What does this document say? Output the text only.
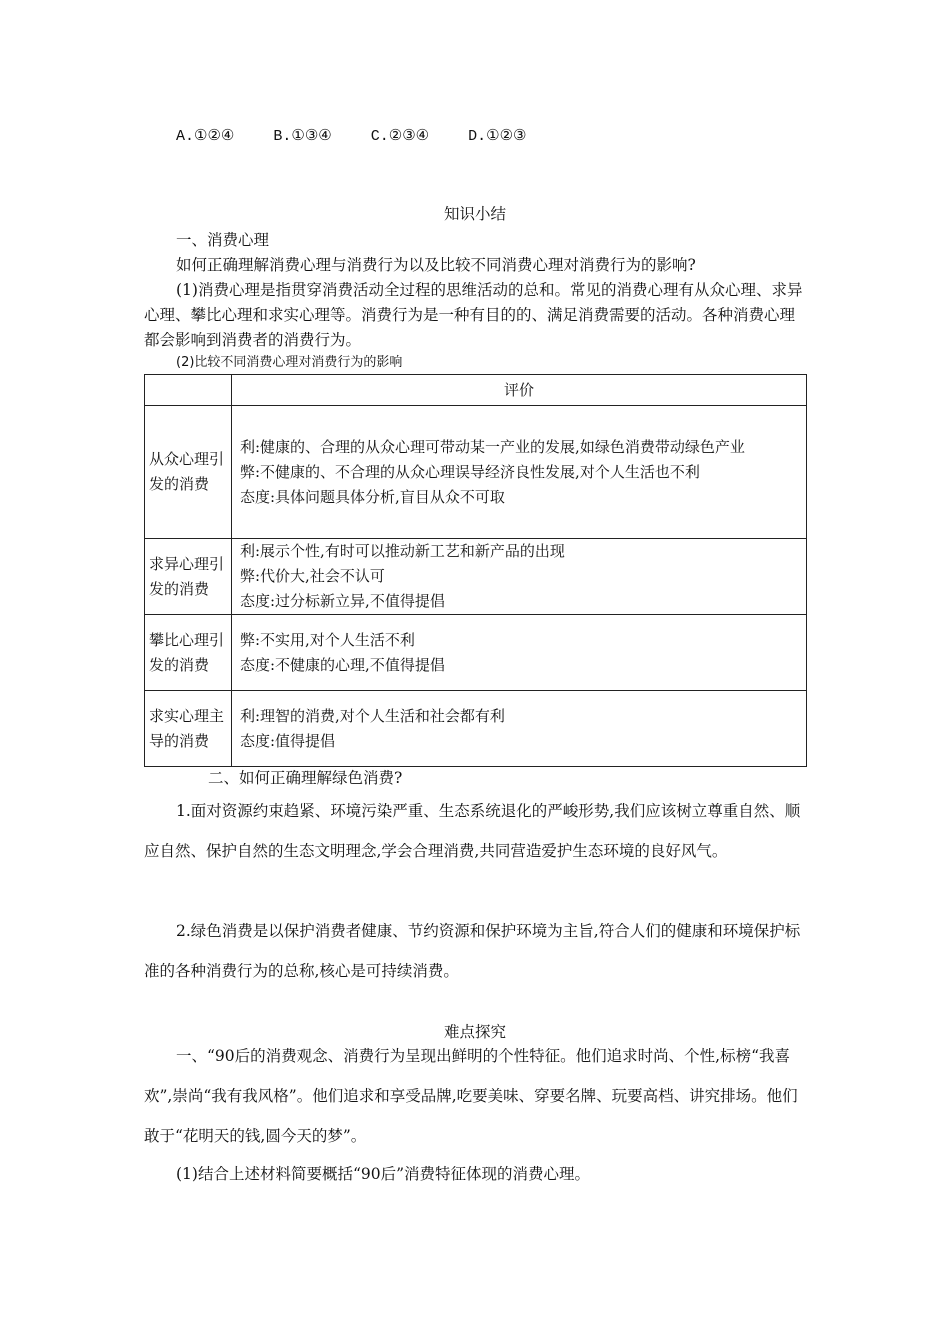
A.①②④	B.①③④	C.②③④	D.①②③
知识小结
一、消费心理
如何正确理解消费心理与消费行为以及比较不同消费心理对消费行为的影响?
(1)消费心理是指贯穿消费活动全过程的思维活动的总和。常见的消费心理有从众心理、求异心理、攀比心理和求实心理等。消费行为是一种有目的的、满足消费需要的活动。各种消费心理都会影响到消费者的消费行为。
(2)比较不同消费心理对消费行为的影响
	评价
从众心理引发的消费	利:健康的、合理的从众心理可带动某一产业的发展,如绿色消费带动绿色产业
弊:不健康的、不合理的从众心理误导经济良性发展,对个人生活也不利
态度:具体问题具体分析,盲目从众不可取

求异心理引发的消费	利:展示个性,有时可以推动新工艺和新产品的出现
弊:代价大,社会不认可
态度:过分标新立异,不值得提倡

攀比心理引发的消费	弊:不实用,对个人生活不利
态度:不健康的心理,不值得提倡

求实心理主导的消费	利:理智的消费,对个人生活和社会都有利
态度:值得提倡
二、如何正确理解绿色消费?
1.面对资源约束趋紧、环境污染严重、生态系统退化的严峻形势,我们应该树立尊重自然、顺应自然、保护自然的生态文明理念,学会合理消费,共同营造爱护生态环境的良好风气。
2.绿色消费是以保护消费者健康、节约资源和保护环境为主旨,符合人们的健康和环境保护标准的各种消费行为的总称,核心是可持续消费。
难点探究
一、“90后的消费观念、消费行为呈现出鲜明的个性特征。他们追求时尚、个性,标榜“我喜欢”,崇尚“我有我风格”。他们追求和享受品牌,吃要美味、穿要名牌、玩要高档、讲究排场。他们敢于“花明天的钱,圆今天的梦”。
(1)结合上述材料简要概括“90后”消费特征体现的消费心理。
